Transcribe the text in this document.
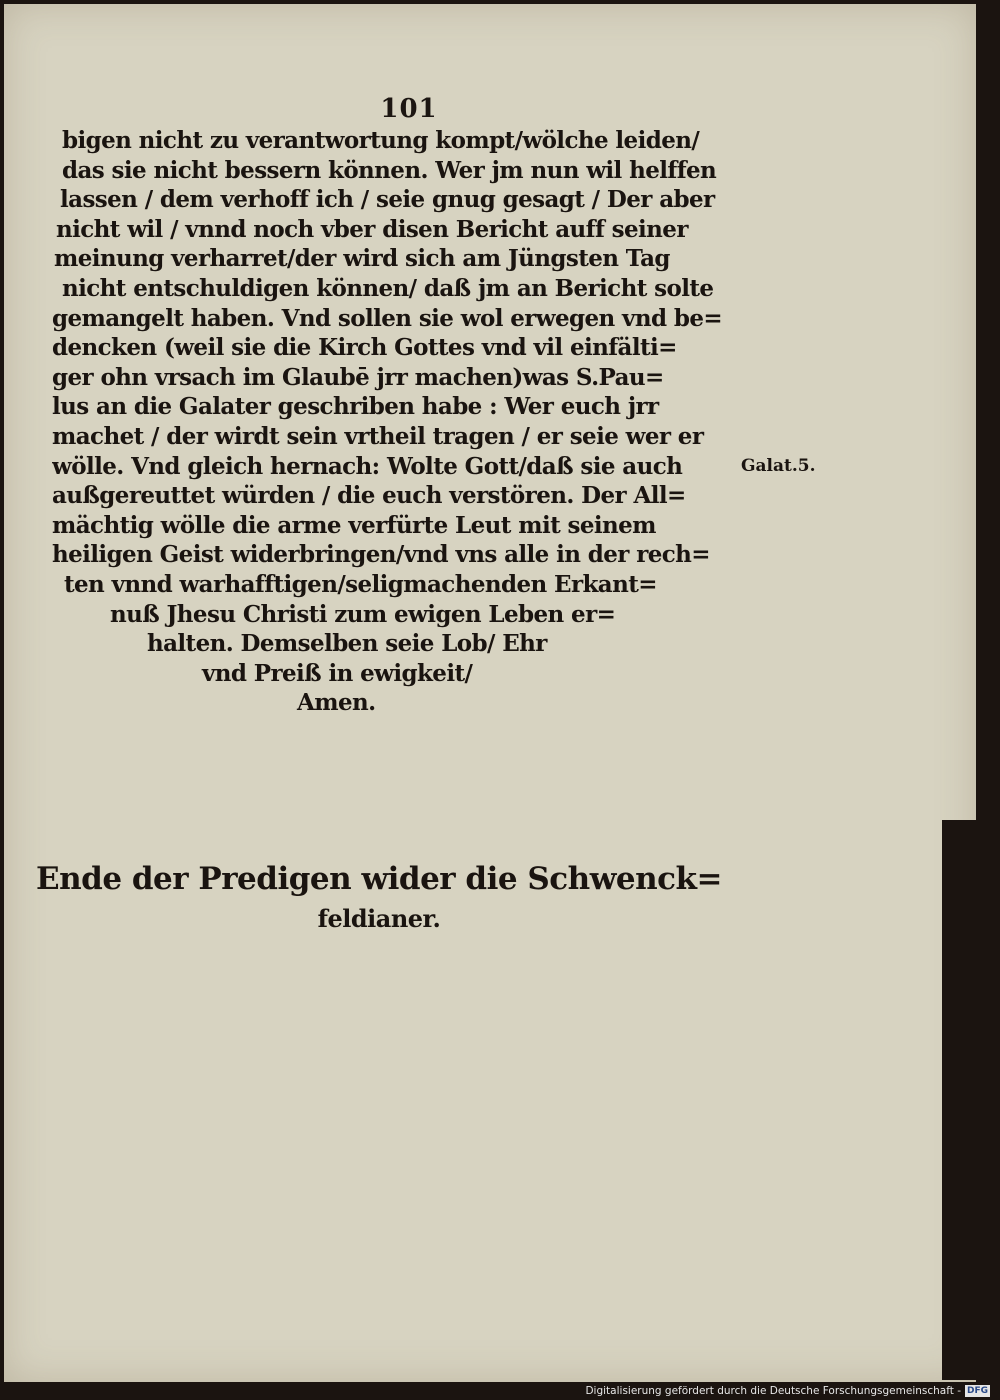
101
bigen nicht zu verantwortung kompt/wölche leiden/
das sie nicht bessern können. Wer jm nun wil helffen
lassen / dem verhoff ich / seie gnug gesagt / Der aber
nicht wil / vnnd noch vber disen Bericht auff seiner
meinung verharret/der wird sich am Jüngsten Tag
nicht entschuldigen können/ daß jm an Bericht solte
gemangelt haben. Vnd sollen sie wol erwegen vnd be=
dencken (weil sie die Kirch Gottes vnd vil einfälti=
ger ohn vrsach im Glaubē jrr machen)was S.Pau=
lus an die Galater geschriben habe : Wer euch jrr
machet / der wirdt sein vrtheil tragen / er seie wer er
wölle. Vnd gleich hernach: Wolte Gott/daß sie auch
außgereuttet würden / die euch verstören. Der All=
mächtig wölle die arme verfürte Leut mit seinem
heiligen Geist widerbringen/vnd vns alle in der rech=
ten vnnd warhafftigen/seligmachenden Erkant=
nuß Jhesu Christi zum ewigen Leben er=
halten. Demselben seie Lob/ Ehr
vnd Preiß in ewigkeit/
Amen.
Galat.5.
Ende der Predigen wider die Schwenck=
feldianer.
Digitalisierung gefördert durch die Deutsche Forschungsgemeinschaft - DFG
